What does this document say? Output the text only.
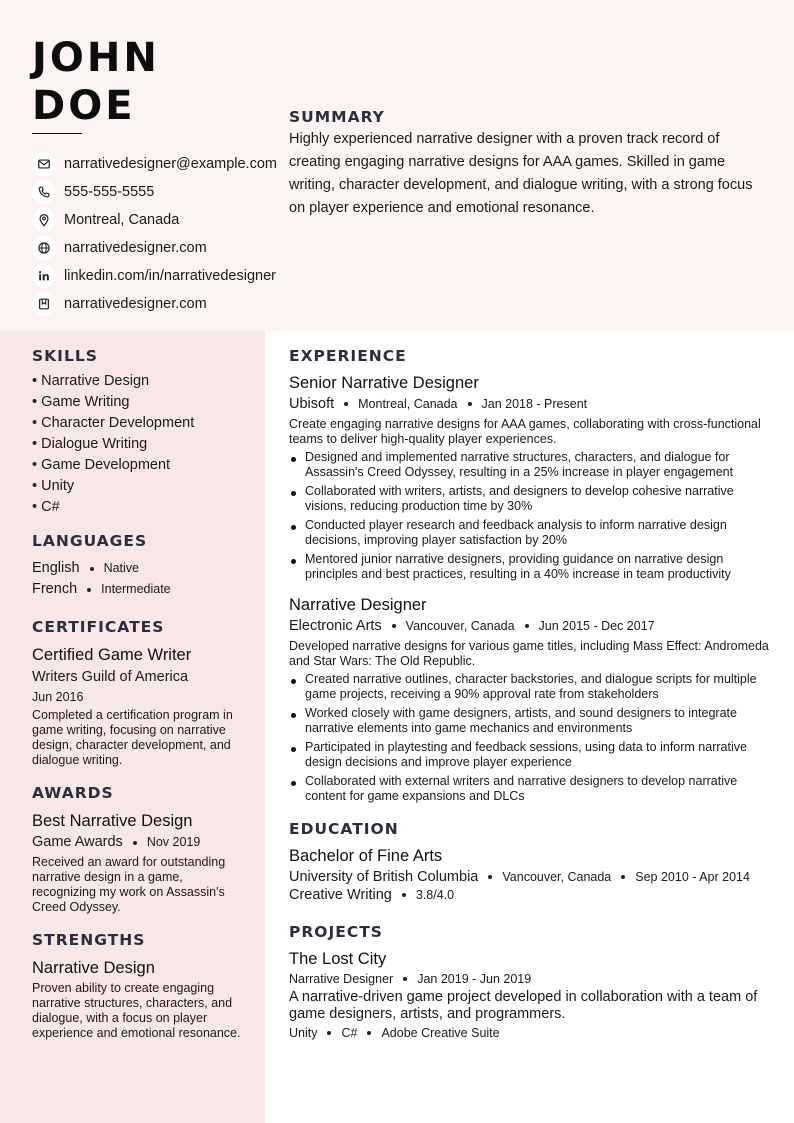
JOHN
DOE
narrativedesigner@example.com
555-555-5555
Montreal, Canada
narrativedesigner.com
linkedin.com/in/narrativedesigner
narrativedesigner.com
SUMMARY
Highly experienced narrative designer with a proven track record of creating engaging narrative designs for AAA games. Skilled in game writing, character development, and dialogue writing, with a strong focus on player experience and emotional resonance.
SKILLS
• Narrative Design
• Game Writing
• Character Development
• Dialogue Writing
• Game Development
• Unity
• C#
LANGUAGES
English Native
French Intermediate
CERTIFICATES
Certified Game Writer
Writers Guild of America
Jun 2016
Completed a certification program in game writing, focusing on narrative design, character development, and dialogue writing.
AWARDS
Best Narrative Design
Game Awards Nov 2019
Received an award for outstanding narrative design in a game, recognizing my work on Assassin's Creed Odyssey.
STRENGTHS
Narrative Design
Proven ability to create engaging narrative structures, characters, and dialogue, with a focus on player experience and emotional resonance.
EXPERIENCE
Senior Narrative Designer
Ubisoft Montreal, Canada Jan 2018 - Present
Create engaging narrative designs for AAA games, collaborating with cross-functional teams to deliver high-quality player experiences.
Designed and implemented narrative structures, characters, and dialogue for Assassin's Creed Odyssey, resulting in a 25% increase in player engagement
Collaborated with writers, artists, and designers to develop cohesive narrative visions, reducing production time by 30%
Conducted player research and feedback analysis to inform narrative design decisions, improving player satisfaction by 20%
Mentored junior narrative designers, providing guidance on narrative design principles and best practices, resulting in a 40% increase in team productivity
Narrative Designer
Electronic Arts Vancouver, Canada Jun 2015 - Dec 2017
Developed narrative designs for various game titles, including Mass Effect: Andromeda and Star Wars: The Old Republic.
Created narrative outlines, character backstories, and dialogue scripts for multiple game projects, receiving a 90% approval rate from stakeholders
Worked closely with game designers, artists, and sound designers to integrate narrative elements into game mechanics and environments
Participated in playtesting and feedback sessions, using data to inform narrative design decisions and improve player experience
Collaborated with external writers and narrative designers to develop narrative content for game expansions and DLCs
EDUCATION
Bachelor of Fine Arts
University of British Columbia Vancouver, Canada Sep 2010 - Apr 2014
Creative Writing 3.8/4.0
PROJECTS
The Lost City
Narrative Designer Jan 2019 - Jun 2019
A narrative-driven game project developed in collaboration with a team of game designers, artists, and programmers.
Unity C# Adobe Creative Suite
